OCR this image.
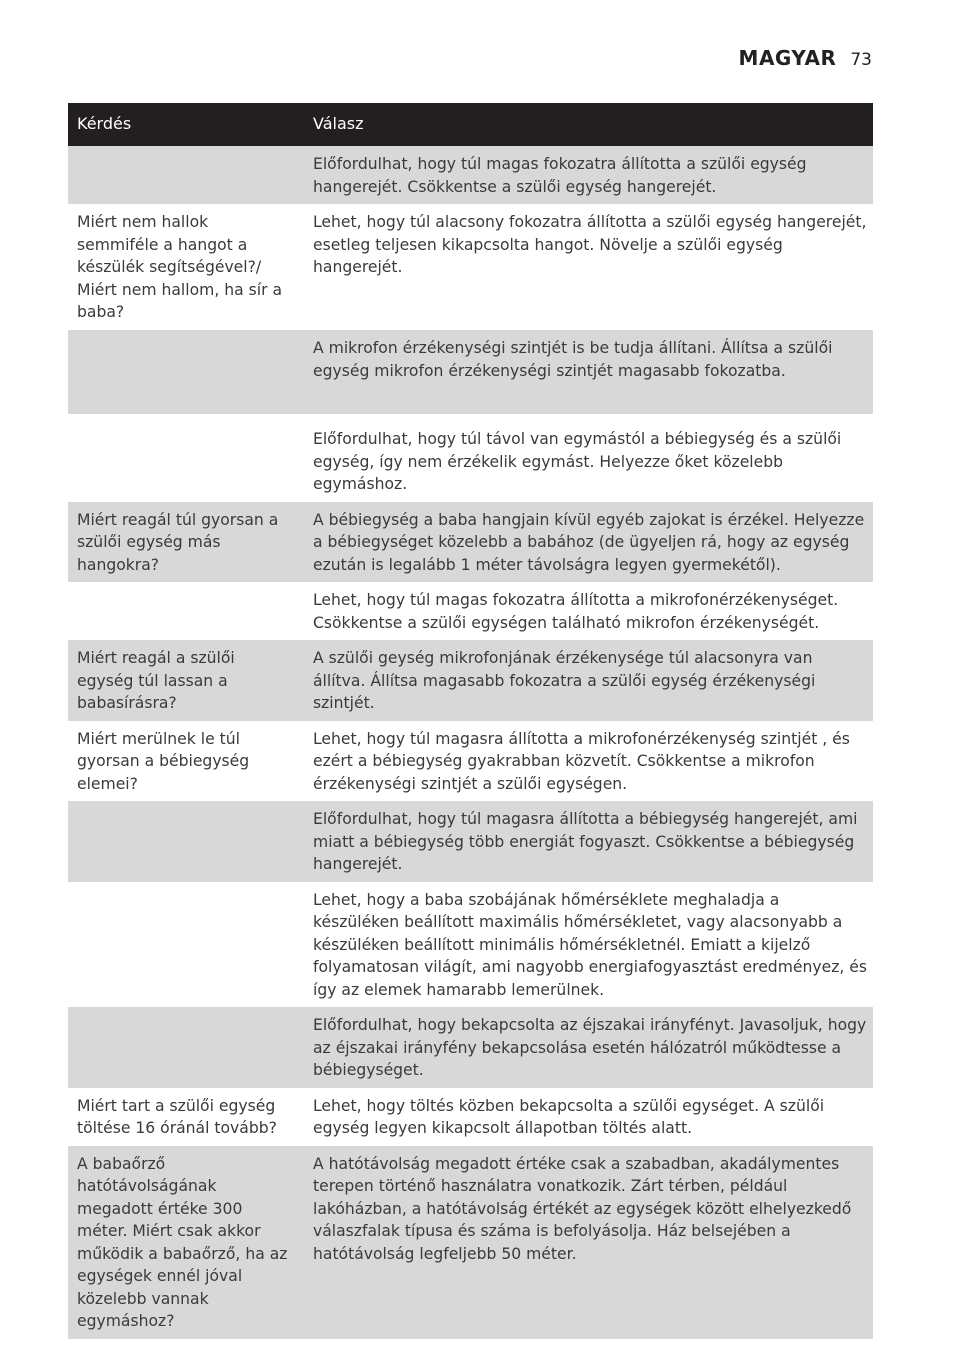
MAGYAR 73
Kérdés	Válasz
	Előfordulhat, hogy túl magas fokozatra állította a szülői egység hangerejét. Csökkentse a szülői egység hangerejét.
Miért nem hallok semmiféle a hangot a készülék segítségével?/ Miért nem hallom, ha sír a baba?	Lehet, hogy túl alacsony fokozatra állította a szülői egység hangerejét, esetleg teljesen kikapcsolta hangot. Növelje a szülői egység hangerejét.
	A mikrofon érzékenységi szintjét is be tudja állítani. Állítsa a szülői egység mikrofon érzékenységi szintjét magasabb fokozatba.
	Előfordulhat, hogy túl távol van egymástól a bébiegység és a szülői egység, így nem érzékelik egymást. Helyezze őket közelebb egymáshoz.
Miért reagál túl gyorsan a szülői egység más hangokra?	A bébiegység a baba hangjain kívül egyéb zajokat is érzékel. Helyezze a bébiegységet közelebb a babához (de ügyeljen rá, hogy az egység ezután is legalább 1 méter távolságra legyen gyermekétől).
	Lehet, hogy túl magas fokozatra állította a mikrofonérzékenységet. Csökkentse a szülői egységen található mikrofon érzékenységét.
Miért reagál a szülői egység túl lassan a babasírásra?	A szülői geység mikrofonjának érzékenysége túl alacsonyra van állítva. Állítsa magasabb fokozatra a szülői egység érzékenységi szintjét.
Miért merülnek le túl gyorsan a bébiegység elemei?	Lehet, hogy túl magasra állította a mikrofonérzékenység szintjét , és ezért a bébiegység gyakrabban közvetít. Csökkentse a mikrofon érzékenységi szintjét a szülői egységen.
	Előfordulhat, hogy túl magasra állította a bébiegység hangerejét, ami miatt a bébiegység több energiát fogyaszt. Csökkentse a bébiegység hangerejét.
	Lehet, hogy a baba szobájának hőmérséklete meghaladja a készüléken beállított maximális hőmérsékletet, vagy alacsonyabb a készüléken beállított minimális hőmérsékletnél. Emiatt a kijelző folyamatosan világít, ami nagyobb energiafogyasztást eredményez, és így az elemek hamarabb lemerülnek.
	Előfordulhat, hogy bekapcsolta az éjszakai irányfényt. Javasoljuk, hogy az éjszakai irányfény bekapcsolása esetén hálózatról működtesse a bébiegységet.
Miért tart a szülői egység töltése 16 óránál tovább?	Lehet, hogy töltés közben bekapcsolta a szülői egységet. A szülői egység legyen kikapcsolt állapotban töltés alatt.
A babaőrző hatótávolságának megadott értéke 300 méter. Miért csak akkor működik a babaőrző, ha az egységek ennél jóval közelebb vannak egymáshoz?	A hatótávolság megadott értéke csak a szabadban, akadálymentes terepen történő használatra vonatkozik. Zárt térben, például lakóházban, a hatótávolság értékét az egységek között elhelyezkedő válaszfalak típusa és száma is befolyásolja. Ház belsejében a hatótávolság legfeljebb 50 méter.
